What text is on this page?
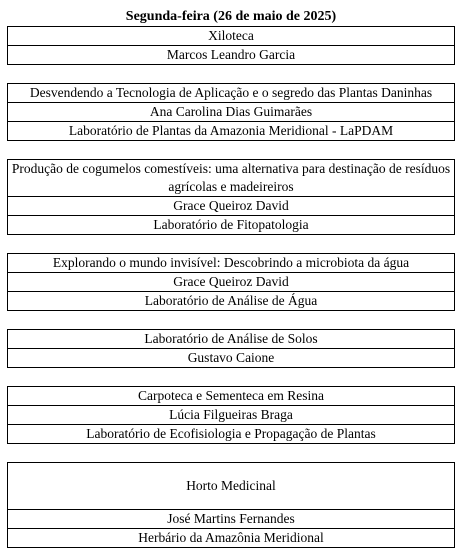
Segunda-feira (26 de maio de 2025)
Xiloteca
Marcos Leandro Garcia
Desvendendo a Tecnologia de Aplicação e o segredo das Plantas Daninhas
Ana Carolina Dias Guimarães
Laboratório de Plantas da Amazonia Meridional - LaPDAM
Produção de cogumelos comestíveis: uma alternativa para destinação de resíduos agrícolas e madeireiros
Grace Queiroz David
Laboratório de Fitopatologia
Explorando o mundo invisível: Descobrindo a microbiota da água
Grace Queiroz David
Laboratório de Análise de Água
Laboratório de Análise de Solos
Gustavo Caione
Carpoteca e Sementeca em Resina
Lúcia Filgueiras Braga
Laboratório de Ecofisiologia e Propagação de Plantas
Horto Medicinal
José Martins Fernandes
Herbário da Amazônia Meridional
